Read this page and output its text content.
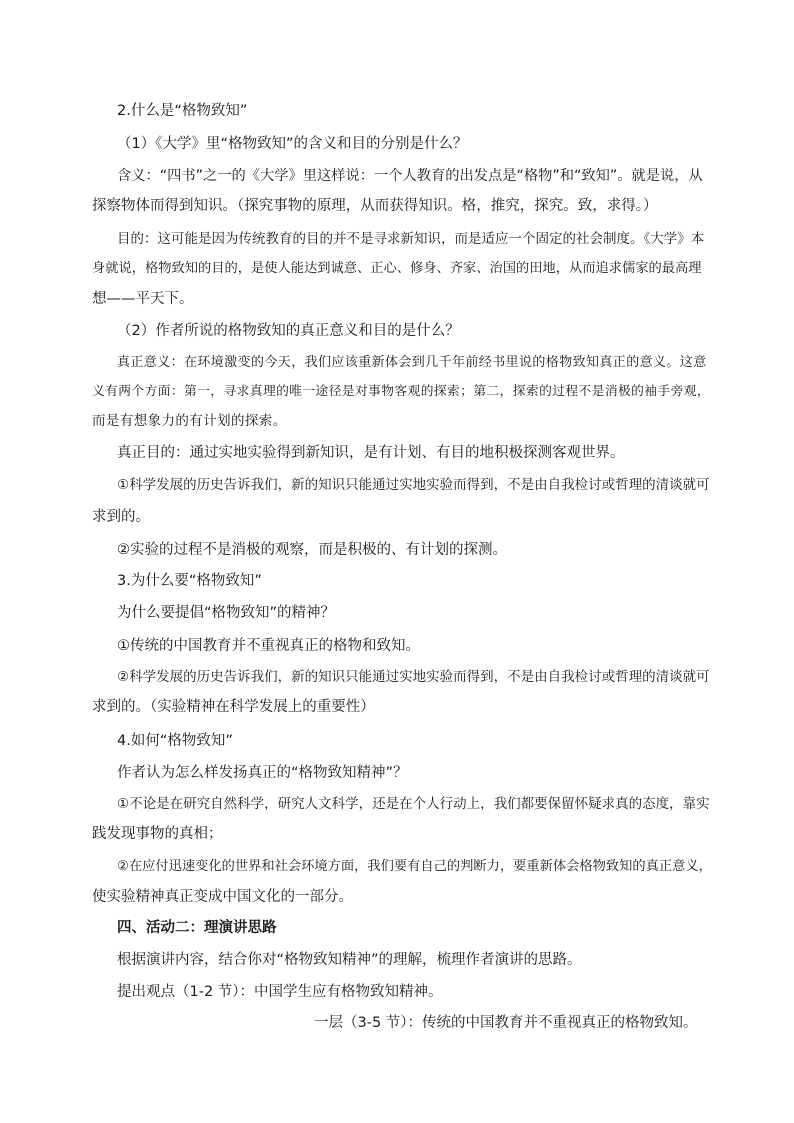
2.什么是“格物致知”
（1）《大学》里“格物致知”的含义和目的分别是什么？
含义：“四书”之一的《大学》里这样说：一个人教育的出发点是“格物”和“致知”。就是说，从
探察物体而得到知识。（探究事物的原理，从而获得知识。格，推究，探究。致，求得。）
目的：这可能是因为传统教育的目的并不是寻求新知识，而是适应一个固定的社会制度。《大学》本
身就说，格物致知的目的，是使人能达到诚意、正心、修身、齐家、治国的田地，从而追求儒家的最高理
想——平天下。
（2）作者所说的格物致知的真正意义和目的是什么？
真正意义：在环境激变的今天，我们应该重新体会到几千年前经书里说的格物致知真正的意义。这意
义有两个方面：第一，寻求真理的唯一途径是对事物客观的探索；第二，探索的过程不是消极的袖手旁观，
而是有想象力的有计划的探索。
真正目的：通过实地实验得到新知识，是有计划、有目的地积极探测客观世界。
①科学发展的历史告诉我们，新的知识只能通过实地实验而得到，不是由自我检讨或哲理的清谈就可
求到的。
②实验的过程不是消极的观察，而是积极的、有计划的探测。
3.为什么要“格物致知”
为什么要提倡“格物致知”的精神？
①传统的中国教育并不重视真正的格物和致知。
②科学发展的历史告诉我们，新的知识只能通过实地实验而得到，不是由自我检讨或哲理的清谈就可
求到的。（实验精神在科学发展上的重要性）
4.如何“格物致知”
作者认为怎么样发扬真正的“格物致知精神”？
①不论是在研究自然科学，研究人文科学，还是在个人行动上，我们都要保留怀疑求真的态度，靠实
践发现事物的真相；
②在应付迅速变化的世界和社会环境方面，我们要有自己的判断力，要重新体会格物致知的真正意义，
使实验精神真正变成中国文化的一部分。
四、活动二：理演讲思路
根据演讲内容，结合你对“格物致知精神”的理解，梳理作者演讲的思路。
提出观点（1-2 节）：中国学生应有格物致知精神。
一层（3-5 节）：传统的中国教育并不重视真正的格物致知。
